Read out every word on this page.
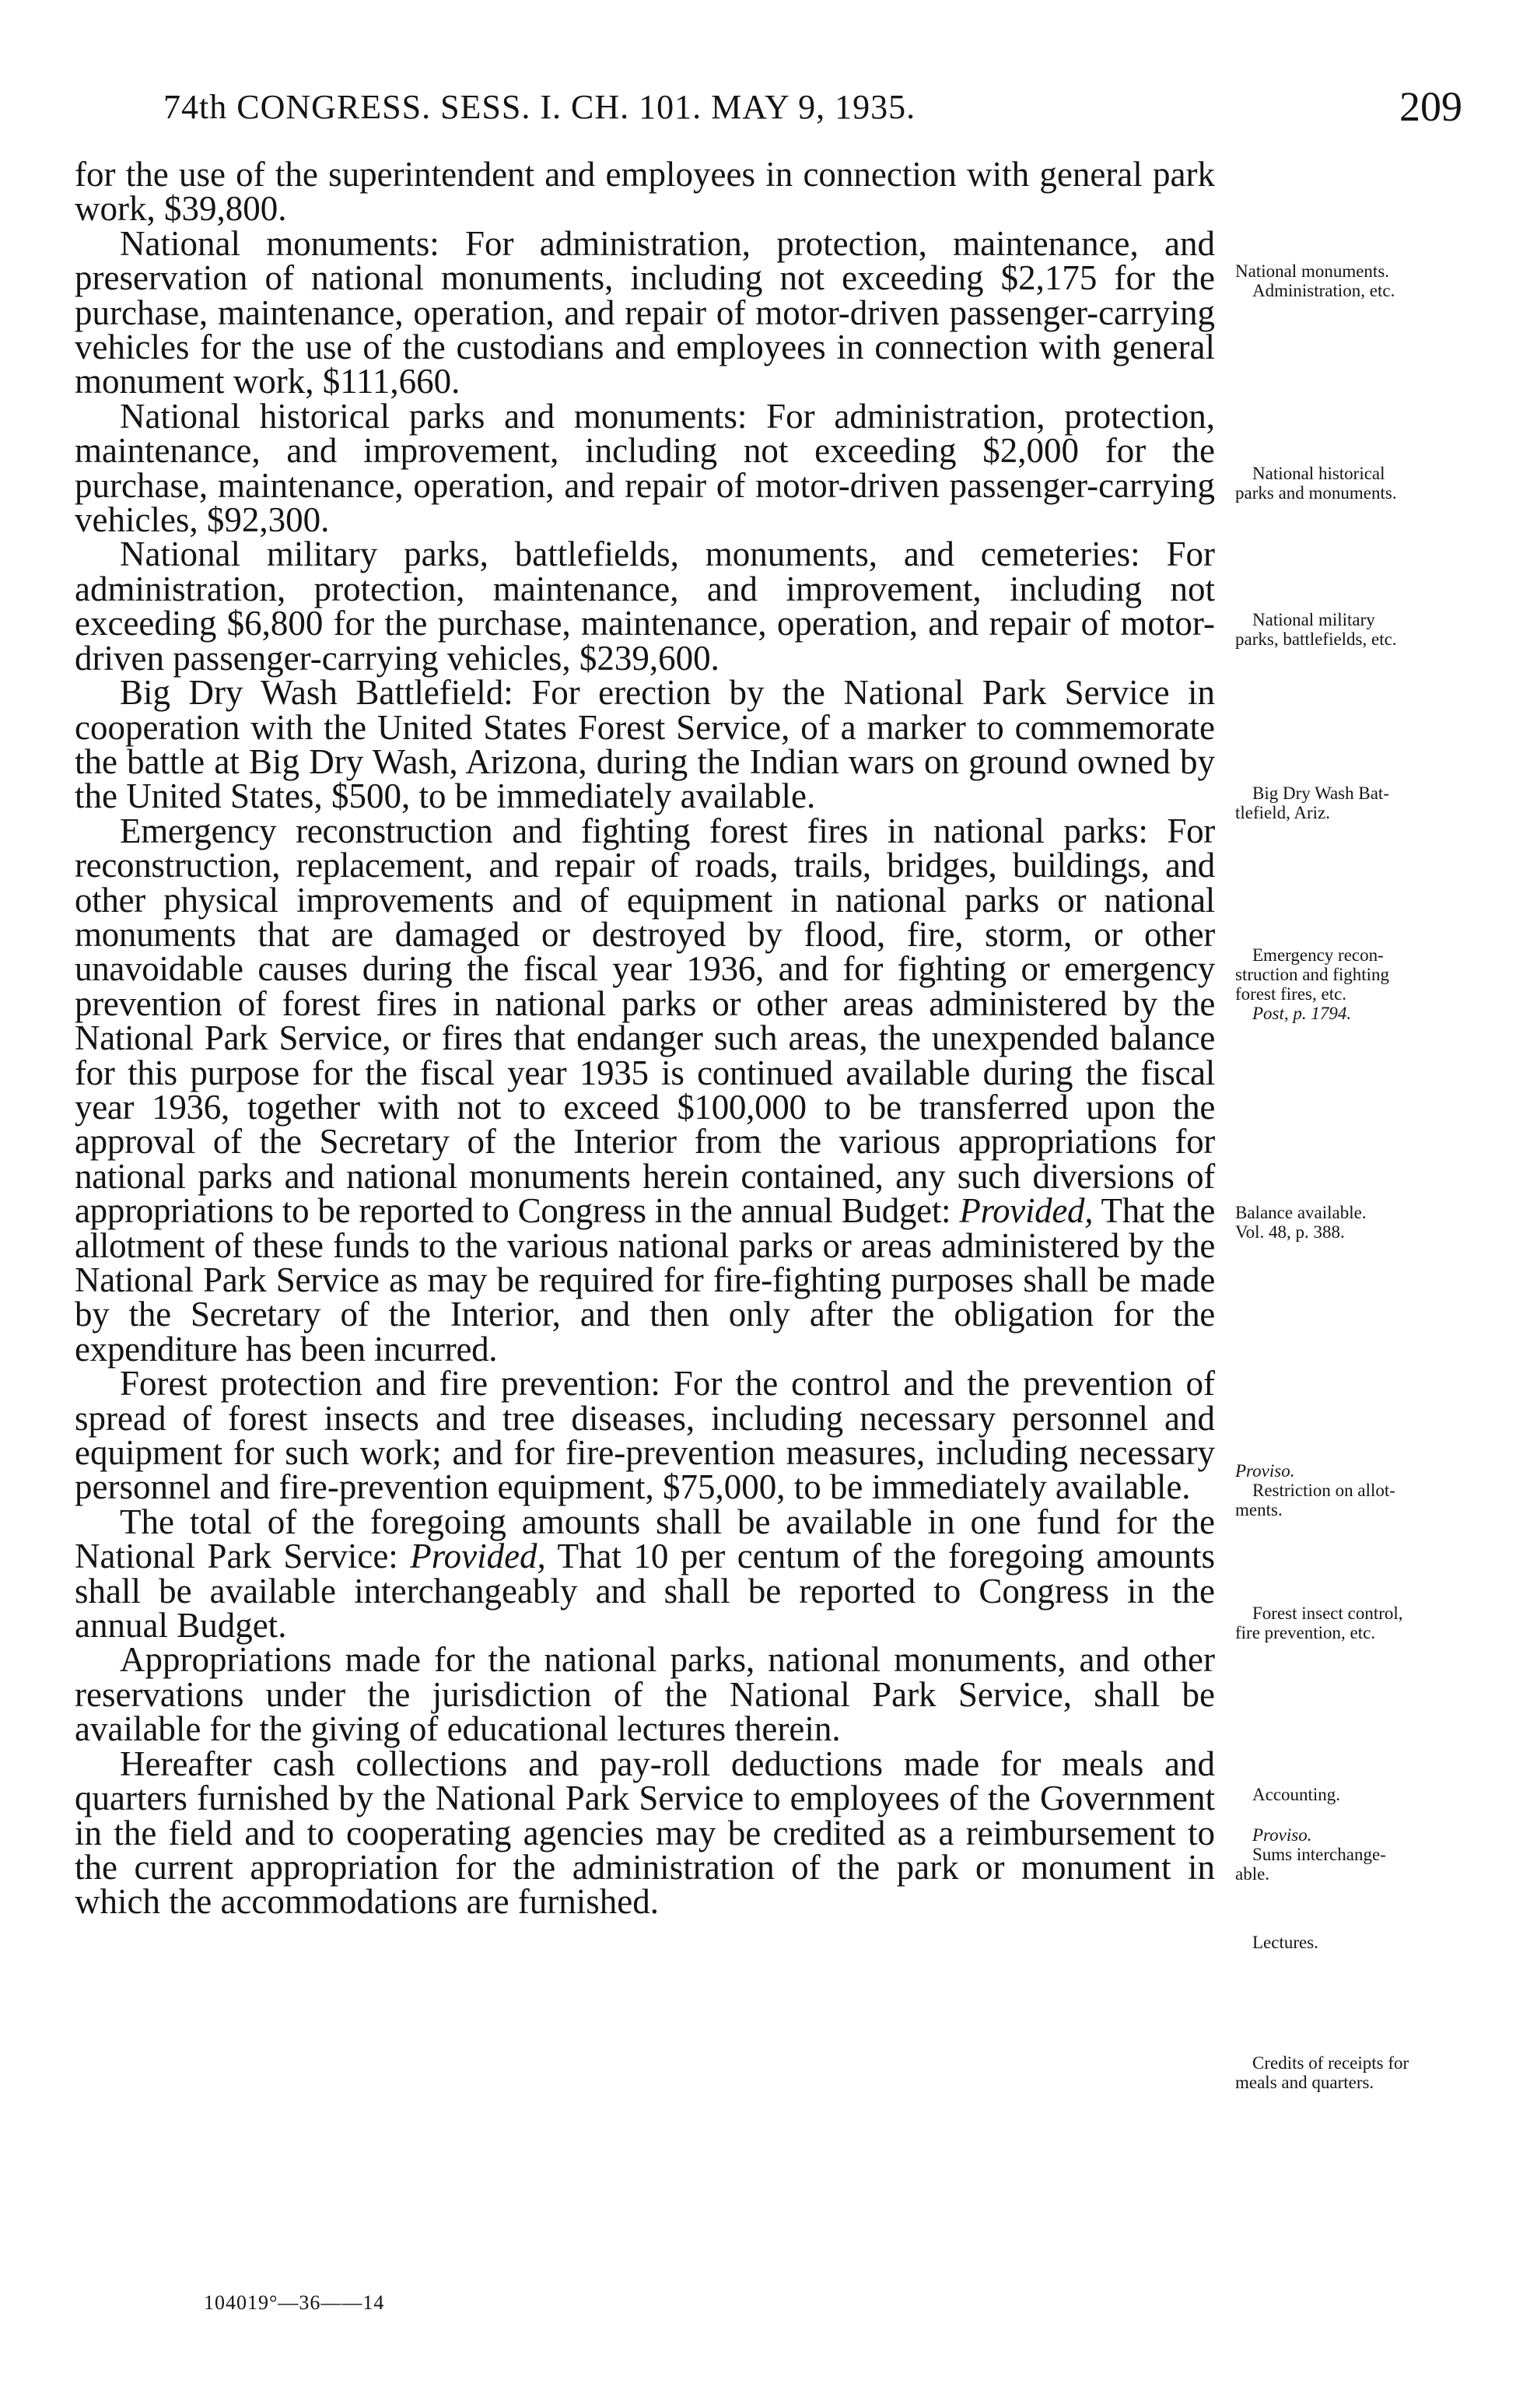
74th CONGRESS. SESS. I. CH. 101. MAY 9, 1935.	209

for the use of the superintendent and employees in connection with general park work, $39,800.

National monuments: For administration, protection, maintenance, and preservation of national monuments, including not exceeding $2,175 for the purchase, maintenance, operation, and repair of motor-driven passenger-carrying vehicles for the use of the custodians and employees in connection with general monument work, $111,660.

National historical parks and monuments: For administration, protection, maintenance, and improvement, including not exceeding $2,000 for the purchase, maintenance, operation, and repair of motor-driven passenger-carrying vehicles, $92,300.

National military parks, battlefields, monuments, and cemeteries: For administration, protection, maintenance, and improvement, including not exceeding $6,800 for the purchase, maintenance, operation, and repair of motor-driven passenger-carrying vehicles, $239,600.

Big Dry Wash Battlefield: For erection by the National Park Service in cooperation with the United States Forest Service, of a marker to commemorate the battle at Big Dry Wash, Arizona, during the Indian wars on ground owned by the United States, $500, to be immediately available.

Emergency reconstruction and fighting forest fires in national parks: For reconstruction, replacement, and repair of roads, trails, bridges, buildings, and other physical improvements and of equipment in national parks or national monuments that are damaged or destroyed by flood, fire, storm, or other unavoidable causes during the fiscal year 1936, and for fighting or emergency prevention of forest fires in national parks or other areas administered by the National Park Service, or fires that endanger such areas, the unexpended balance for this purpose for the fiscal year 1935 is continued available during the fiscal year 1936, together with not to exceed $100,000 to be transferred upon the approval of the Secretary of the Interior from the various appropriations for national parks and national monuments herein contained, any such diversions of appropriations to be reported to Congress in the annual Budget: Provided, That the allotment of these funds to the various national parks or areas administered by the National Park Service as may be required for fire-fighting purposes shall be made by the Secretary of the Interior, and then only after the obligation for the expenditure has been incurred.

Forest protection and fire prevention: For the control and the prevention of spread of forest insects and tree diseases, including necessary personnel and equipment for such work; and for fire-prevention measures, including necessary personnel and fire-prevention equipment, $75,000, to be immediately available.

The total of the foregoing amounts shall be available in one fund for the National Park Service: Provided, That 10 per centum of the foregoing amounts shall be available interchangeably and shall be reported to Congress in the annual Budget.

Appropriations made for the national parks, national monuments, and other reservations under the jurisdiction of the National Park Service, shall be available for the giving of educational lectures therein.

Hereafter cash collections and pay-roll deductions made for meals and quarters furnished by the National Park Service to employees of the Government in the field and to cooperating agencies may be credited as a reimbursement to the current appropriation for the administration of the park or monument in which the accommodations are furnished.

National monuments.
Administration, etc.
National historical
parks and monuments.
National military
parks, battlefields, etc.
Big Dry Wash Bat-
tlefield, Ariz.
Emergency recon-
struction and fighting
forest fires, etc.
Post, p. 1794.
Balance available.
Vol. 48, p. 388.
Proviso.
Restriction on allot-
ments.
Forest insect control,
fire prevention, etc.
Accounting.
Proviso.
Sums interchange-
able.
Lectures.
Credits of receipts for
meals and quarters.
104019°—36——14
